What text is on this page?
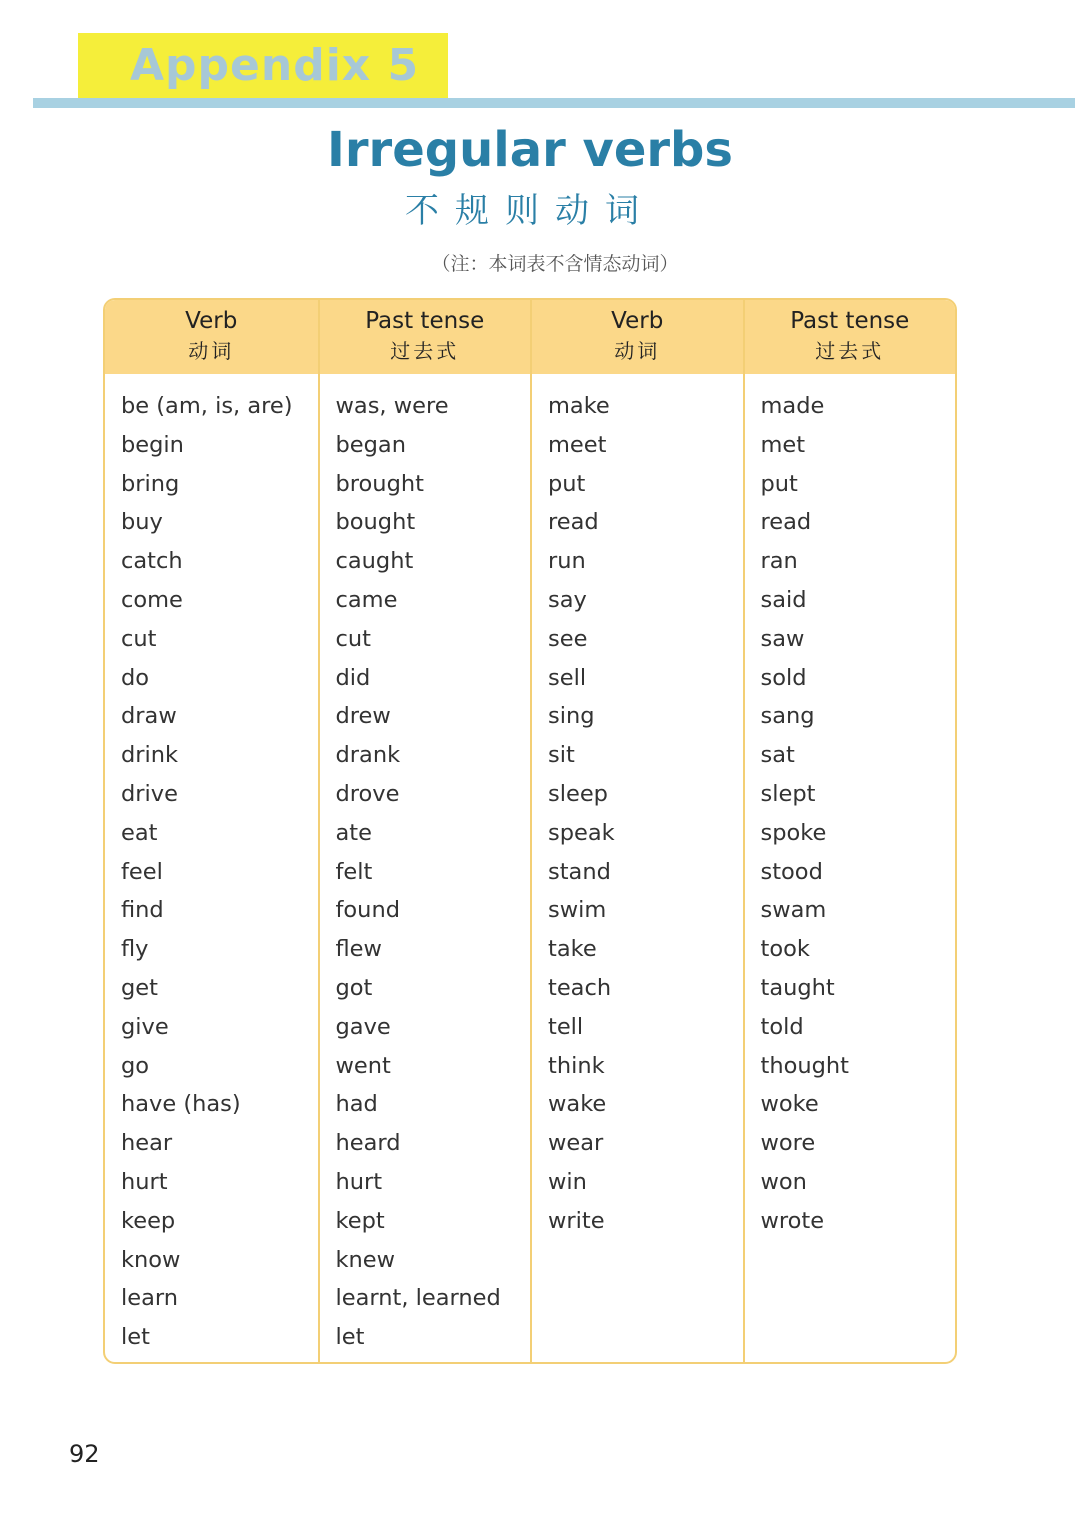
Appendix 5
Irregular verbs
不规则动词
（注：本词表不含情态动词）
Verb
动词
be (am, is, are)
begin
bring
buy
catch
come
cut
do
draw
drink
drive
eat
feel
find
fly
get
give
go
have (has)
hear
hurt
keep
know
learn
let
Past tense
过去式
was, were
began
brought
bought
caught
came
cut
did
drew
drank
drove
ate
felt
found
flew
got
gave
went
had
heard
hurt
kept
knew
learnt, learned
let
Verb
动词
make
meet
put
read
run
say
see
sell
sing
sit
sleep
speak
stand
swim
take
teach
tell
think
wake
wear
win
write
Past tense
过去式
made
met
put
read
ran
said
saw
sold
sang
sat
slept
spoke
stood
swam
took
taught
told
thought
woke
wore
won
wrote
92
